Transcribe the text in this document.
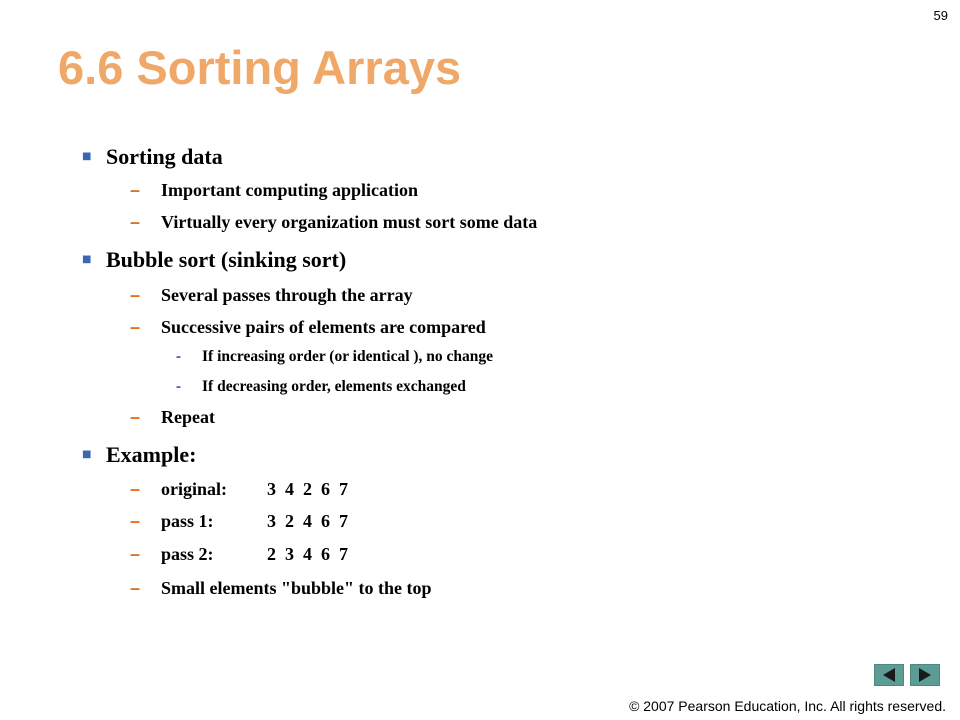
59
6.6 Sorting Arrays
■ Sorting data
– Important computing application
– Virtually every organization must sort some data
■ Bubble sort (sinking sort)
– Several passes through the array
– Successive pairs of elements are compared
- If increasing order (or identical ), no change
- If decreasing order, elements exchanged
– Repeat
■ Example:
– original: 3  4  2  6  7
– pass 1:	3  2  4  6  7
– pass 2:	2  3  4  6  7
– Small elements "bubble" to the top
© 2007 Pearson Education, Inc. All rights reserved.
